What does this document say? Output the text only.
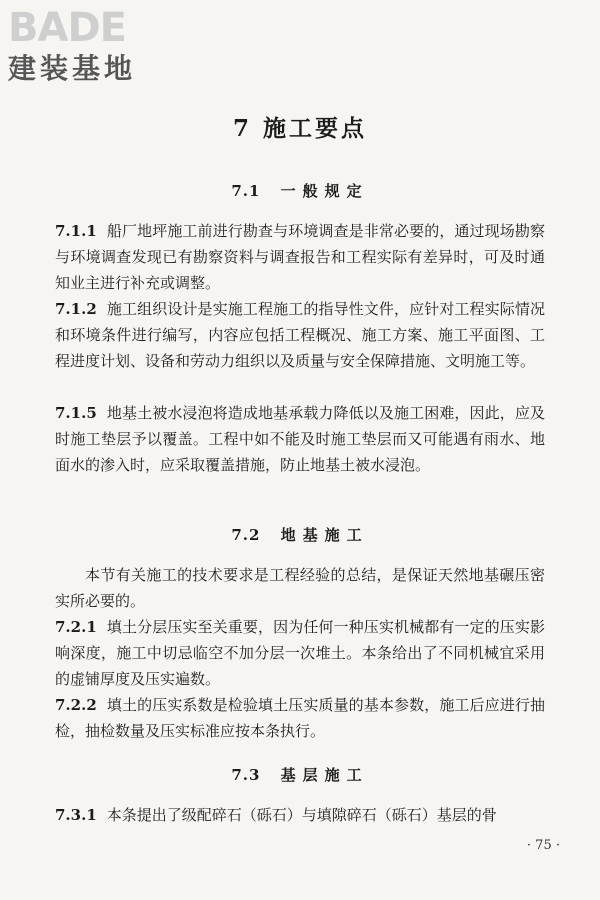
BADE
建装基地
7 施工要点
7.1 一般规定
7.1.1 船厂地坪施工前进行勘查与环境调查是非常必要的，通过现场勘察与环境调查发现已有勘察资料与调查报告和工程实际有差异时，可及时通知业主进行补充或调整。
7.1.2 施工组织设计是实施工程施工的指导性文件，应针对工程实际情况和环境条件进行编写，内容应包括工程概况、施工方案、施工平面图、工程进度计划、设备和劳动力组织以及质量与安全保障措施、文明施工等。
7.1.5 地基土被水浸泡将造成地基承载力降低以及施工困难，因此，应及时施工垫层予以覆盖。工程中如不能及时施工垫层而又可能遇有雨水、地面水的渗入时，应采取覆盖措施，防止地基土被水浸泡。
7.2 地基施工
本节有关施工的技术要求是工程经验的总结，是保证天然地基碾压密实所必要的。
7.2.1 填土分层压实至关重要，因为任何一种压实机械都有一定的压实影响深度，施工中切忌临空不加分层一次堆土。本条给出了不同机械宜采用的虚铺厚度及压实遍数。
7.2.2 填土的压实系数是检验填土压实质量的基本参数，施工后应进行抽检，抽检数量及压实标准应按本条执行。
7.3 基层施工
7.3.1 本条提出了级配碎石（砾石）与填隙碎石（砾石）基层的骨
· 75 ·
